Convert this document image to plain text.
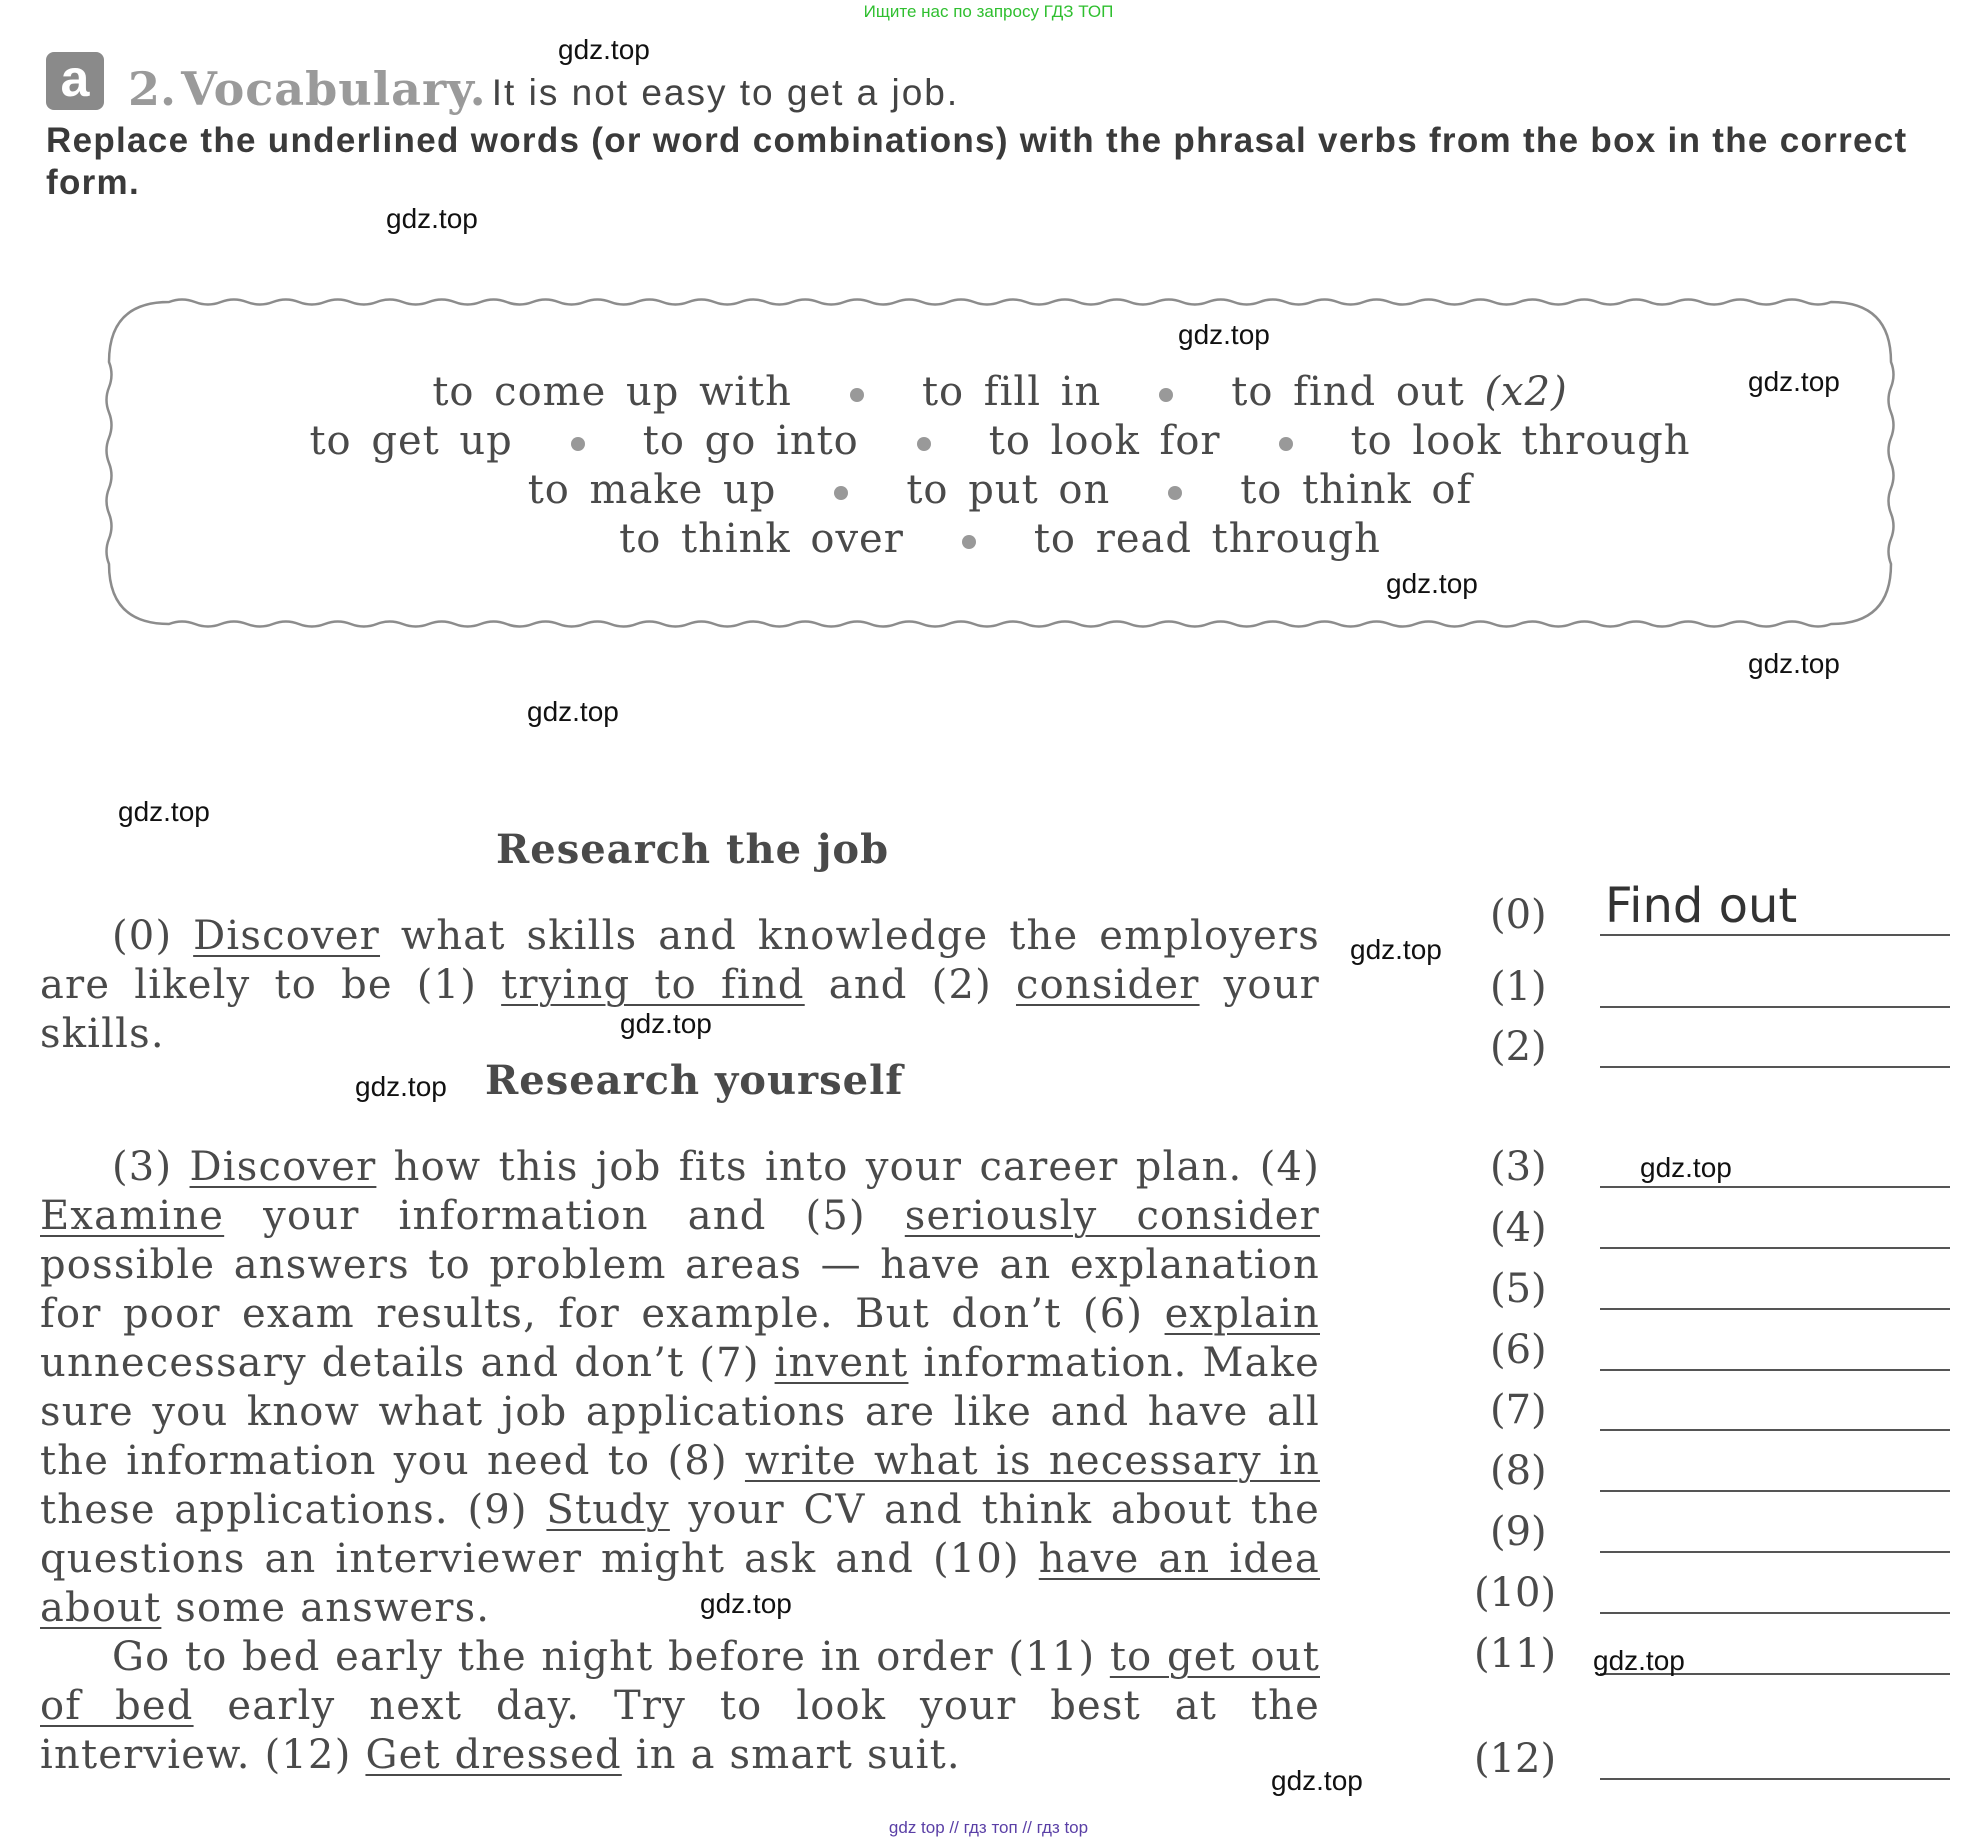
Ищите нас по запросу ГДЗ ТОП
a 2. Vocabulary. It is not easy to get a job.
Replace the underlined words (or word combinations) with the phrasal verbs from the box in the correct form.
to come up with	to fill in	to find out (x2)
to get up	to go into	to look for	to look through
to make up	to put on	to think of
to think over	to read through
Research the job
Research yourself

(0) Discover what skills and knowledge the employers are likely to be (1) trying to find and (2) consider your skills.

(3) Discover how this job fits into your career plan. (4) Examine your information and (5) seriously consider possible answers to problem areas — have an explanation for poor exam results, for example. But don’t (6) explain unnecessary details and don’t (7) invent information. Make sure you know what job applications are like and have all the information you need to (8) write what is necessary in these applications. (9) Study your CV and think about the questions an interviewer might ask and (10) have an idea about some answers.

Go to bed early the night before in order (11) to get out of bed early next day. Try to look your best at the interview. (12) Get dressed in a smart suit.

(0) Find out
(1)
(2)
(3)
(4)
(5)
(6)
(7)
(8)
(9)
(10)
(11)
(12)
gdz.top
gdz.top
gdz.top
gdz.top
gdz.top
gdz.top
gdz.top
gdz.top
gdz.top
gdz.top
gdz.top
gdz.top
gdz.top
gdz.top
gdz.top
gdz top // гдз топ // гдз top
